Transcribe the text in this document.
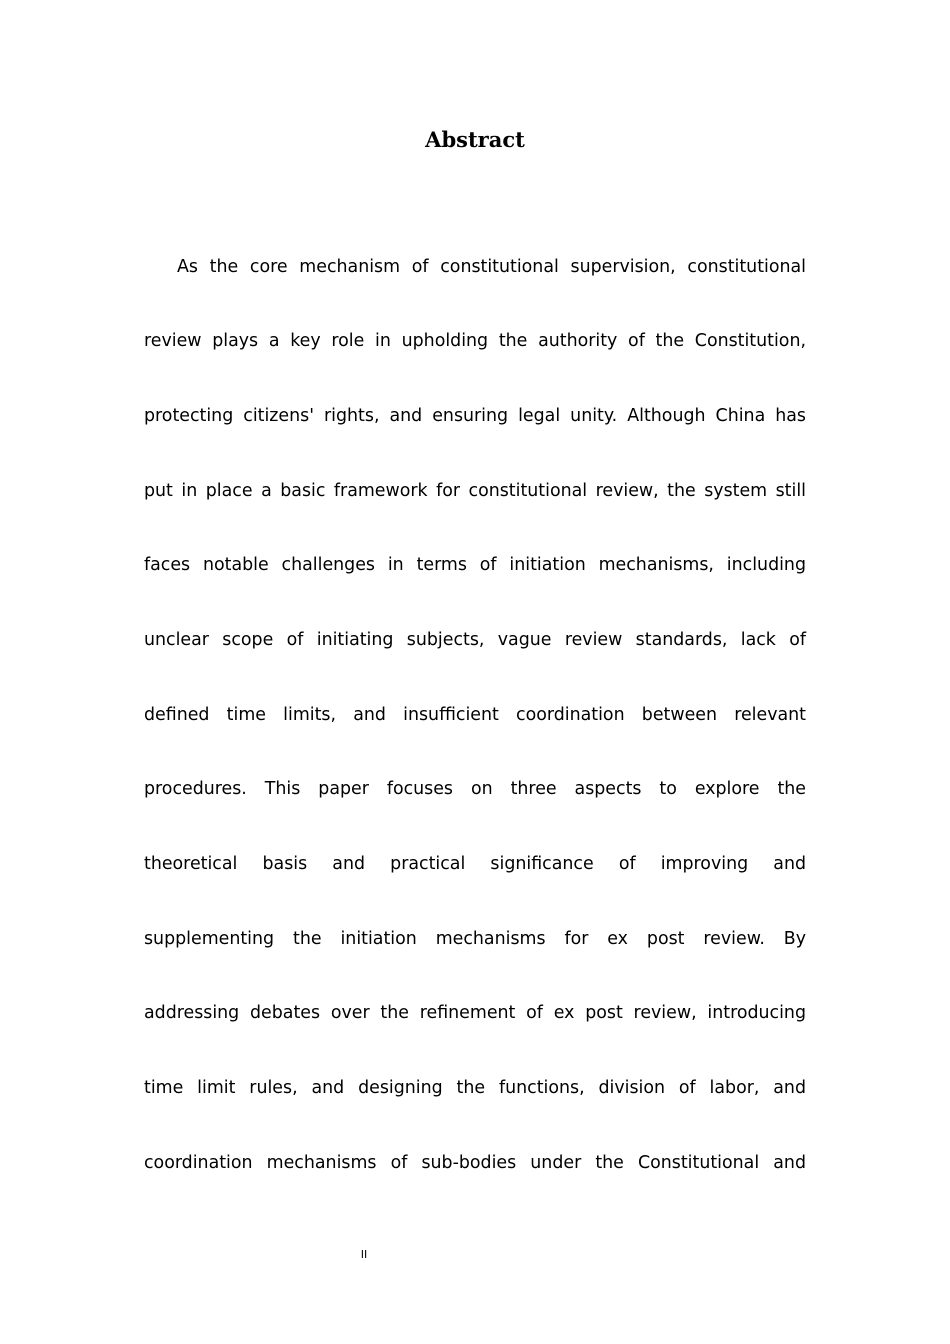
Abstract
As the core mechanism of constitutional supervision, constitutional
review plays a key role in upholding the authority of the Constitution,
protecting citizens' rights, and ensuring legal unity. Although China has
put in place a basic framework for constitutional review, the system still
faces notable challenges in terms of initiation mechanisms, including
unclear scope of initiating subjects, vague review standards, lack of
defined time limits, and insufficient coordination between relevant
procedures. This paper focuses on three aspects to explore the
theoretical basis and practical significance of improving and
supplementing the initiation mechanisms for ex post review. By
addressing debates over the refinement of ex post review, introducing
time limit rules, and designing the functions, division of labor, and
coordination mechanisms of sub-bodies under the Constitutional and
II
